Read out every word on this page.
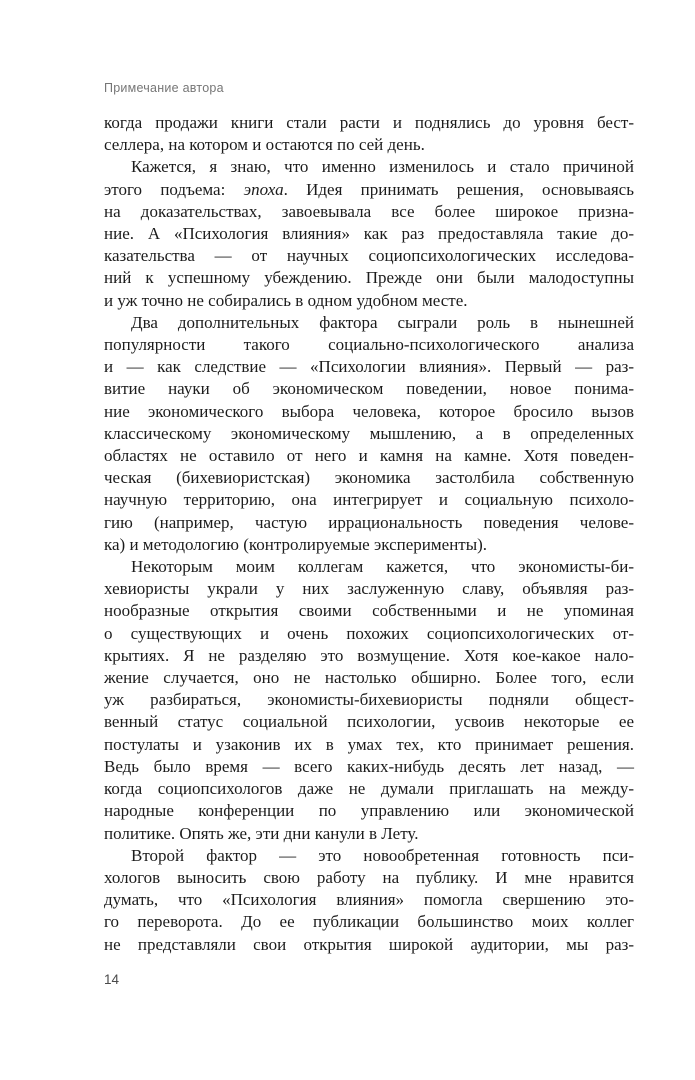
Примечание автора
когда продажи книги стали расти и поднялись до уровня бест-
селлера, на котором и остаются по сей день.
Кажется, я знаю, что именно изменилось и стало причиной
этого подъема: эпоха. Идея принимать решения, основываясь
на доказательствах, завоевывала все более широкое призна-
ние. А «Психология влияния» как раз предоставляла такие до-
казательства — от научных социопсихологических исследова-
ний к успешному убеждению. Прежде они были малодоступны
и уж точно не собирались в одном удобном месте.
Два дополнительных фактора сыграли роль в нынешней
популярности такого социально-психологического анализа
и — как следствие — «Психологии влияния». Первый — раз-
витие науки об экономическом поведении, новое понима-
ние экономического выбора человека, которое бросило вызов
классическому экономическому мышлению, а в определенных
областях не оставило от него и камня на камне. Хотя поведен-
ческая (бихевиористская) экономика застолбила собственную
научную территорию, она интегрирует и социальную психоло-
гию (например, частую иррациональность поведения челове-
ка) и методологию (контролируемые эксперименты).
Некоторым моим коллегам кажется, что экономисты-би-
хевиористы украли у них заслуженную славу, объявляя раз-
нообразные открытия своими собственными и не упоминая
о существующих и очень похожих социопсихологических от-
крытиях. Я не разделяю это возмущение. Хотя кое-какое нало-
жение случается, оно не настолько обширно. Более того, если
уж разбираться, экономисты-бихевиористы подняли общест-
венный статус социальной психологии, усвоив некоторые ее
постулаты и узаконив их в умах тех, кто принимает решения.
Ведь было время — всего каких-нибудь десять лет назад, —
когда социопсихологов даже не думали приглашать на между-
народные конференции по управлению или экономической
политике. Опять же, эти дни канули в Лету.
Второй фактор — это новообретенная готовность пси-
хологов выносить свою работу на публику. И мне нравится
думать, что «Психология влияния» помогла свершению это-
го переворота. До ее публикации большинство моих коллег
не представляли свои открытия широкой аудитории, мы раз-
14
